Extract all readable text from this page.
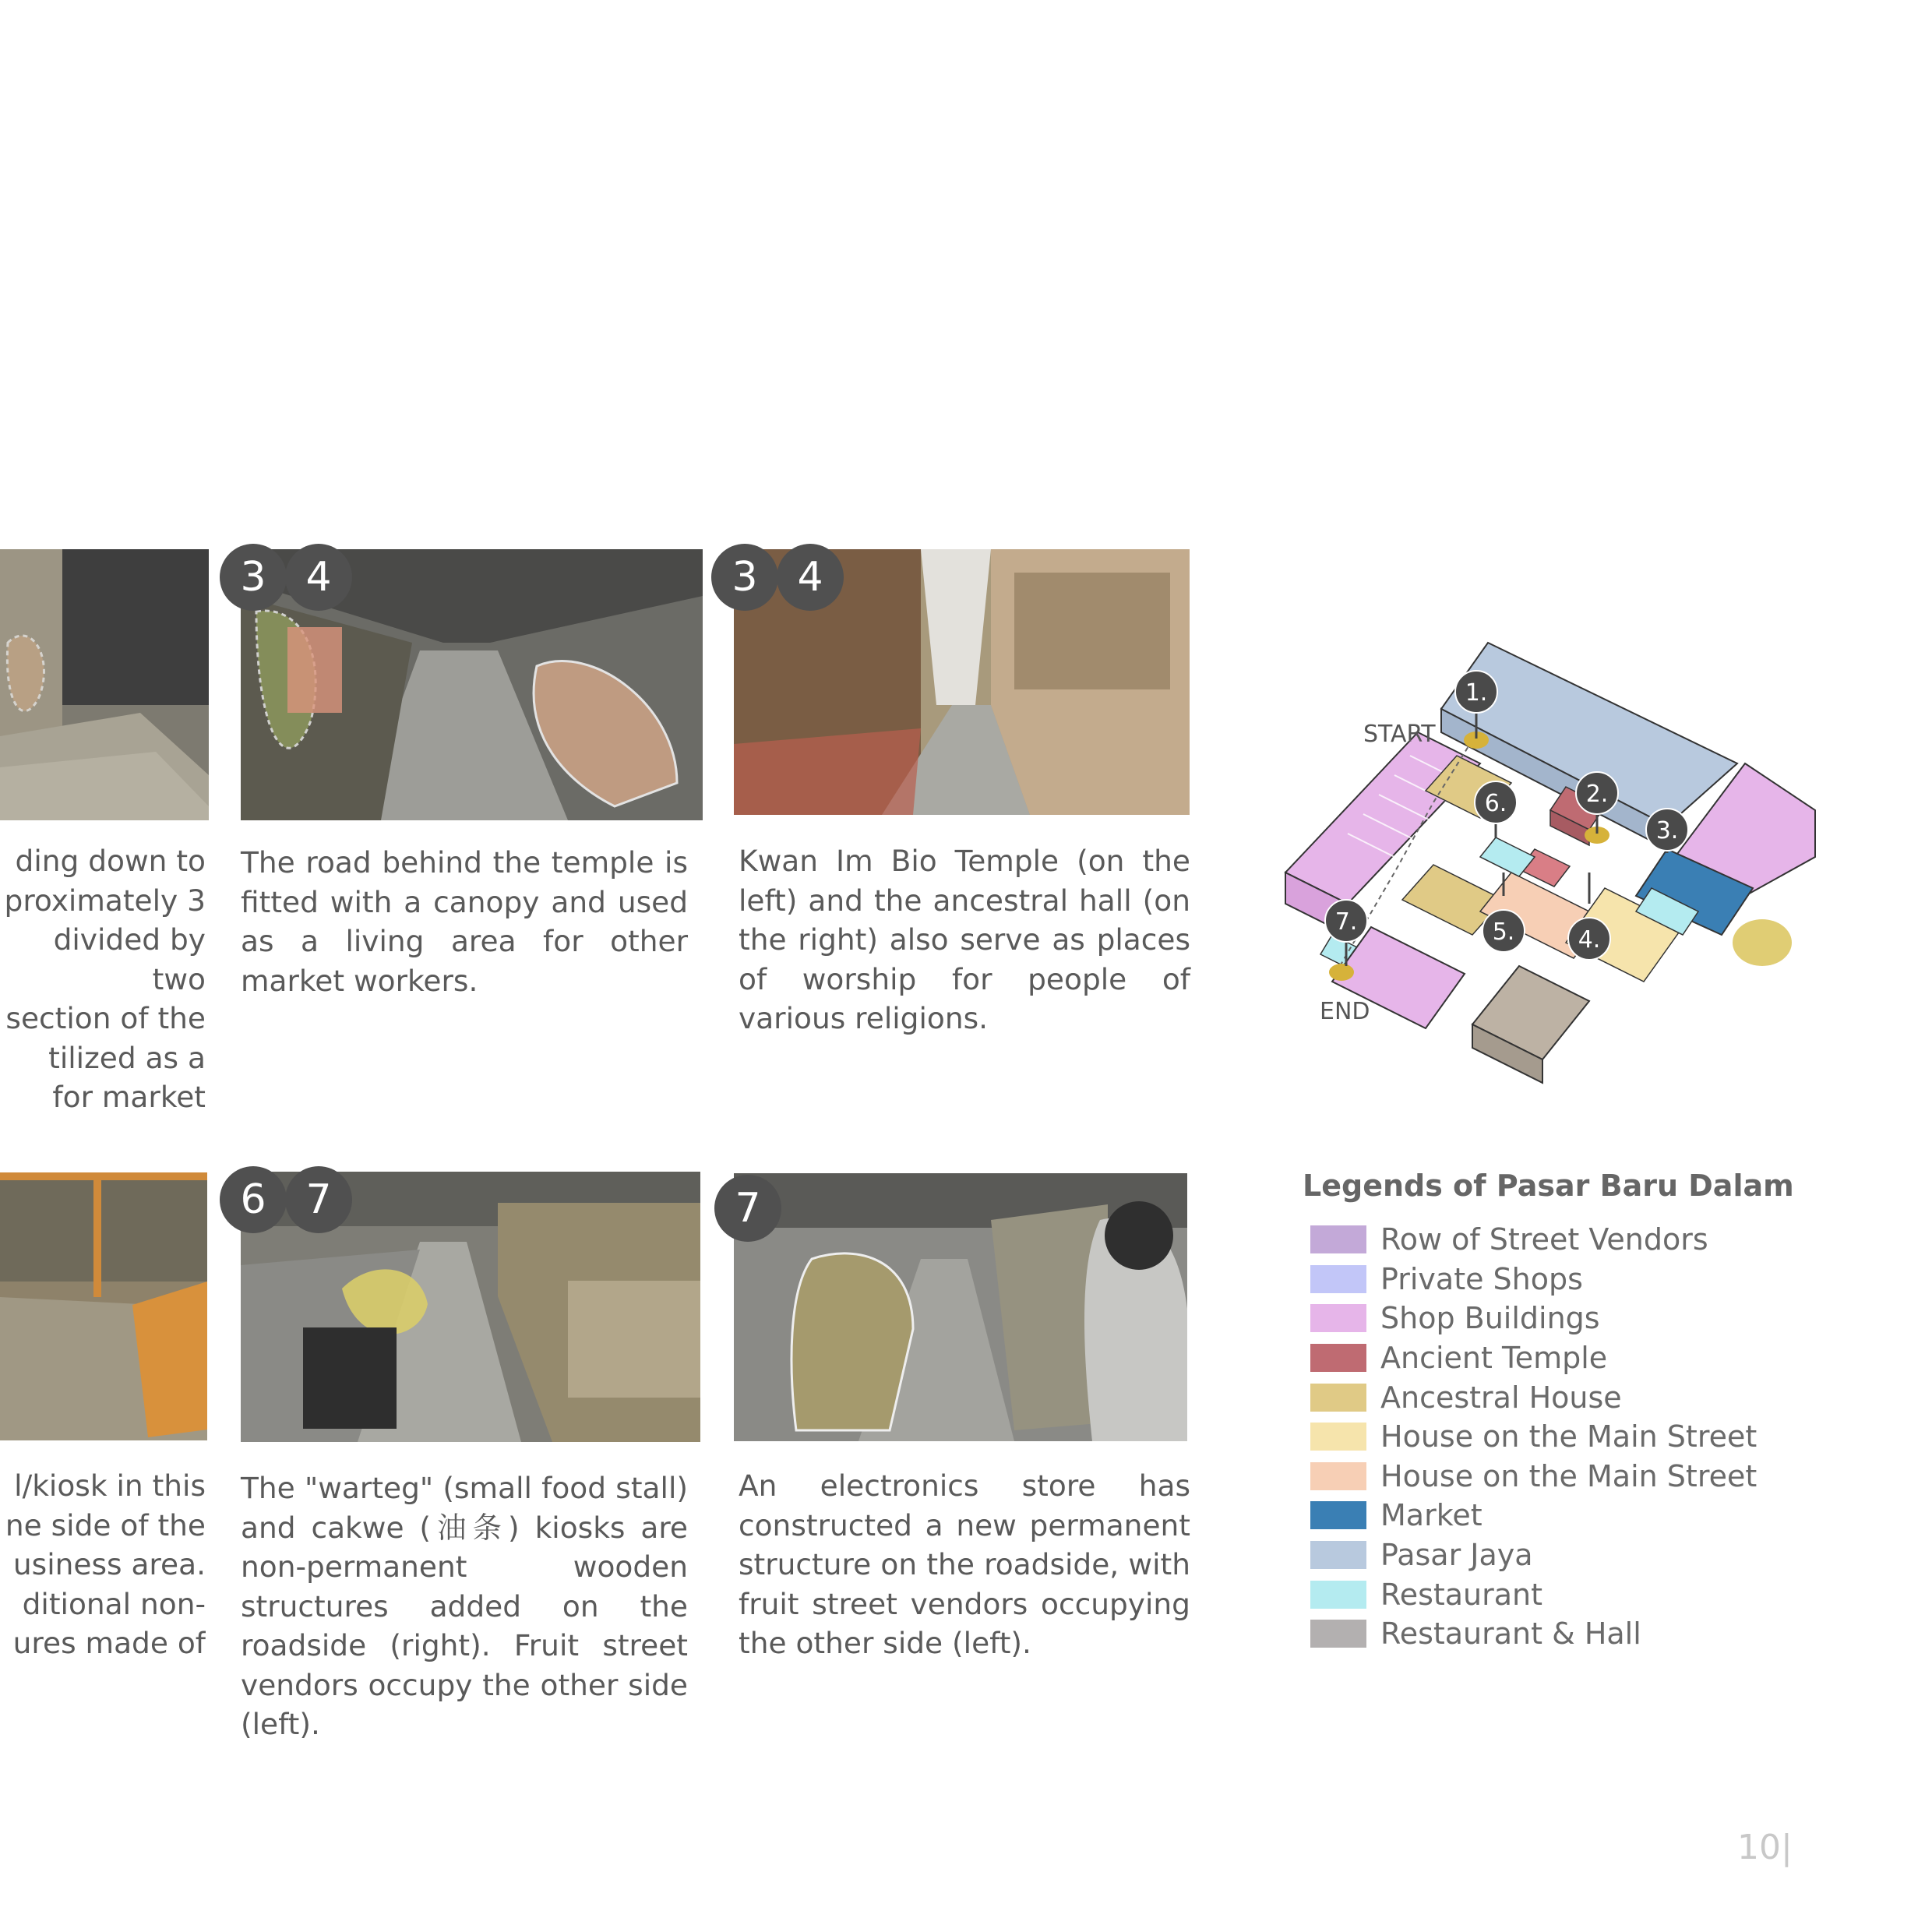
3 4	3 4

ding down to
proximately 3
divided by two
section of the
tilized as a
for market

The road behind the temple is fitted with a canopy and used as a living area for other market workers.

Kwan Im Bio Temple (on the left) and the ancestral hall (on the right) also serve as places of worship for people of various religions.

6 7	7

l/kiosk in this
ne side of the
usiness area.
ditional non-
ures made of

The "warteg" (small food stall) and cakwe (油条) kiosks are non-permanent wooden structures added on the roadside (right). Fruit street vendors occupy the other side (left).

An electronics store has constructed a new permanent structure on the roadside, with fruit street vendors occupying the other side (left).

1.
2.
3.
4.
5.
6.
7.
START
END
Legends of Pasar Baru Dalam
Row of Street Vendors
Private Shops
Shop Buildings
Ancient Temple
Ancestral House
House on the Main Street
House on the Main Street
Market
Pasar Jaya
Restaurant
Restaurant & Hall
10|
